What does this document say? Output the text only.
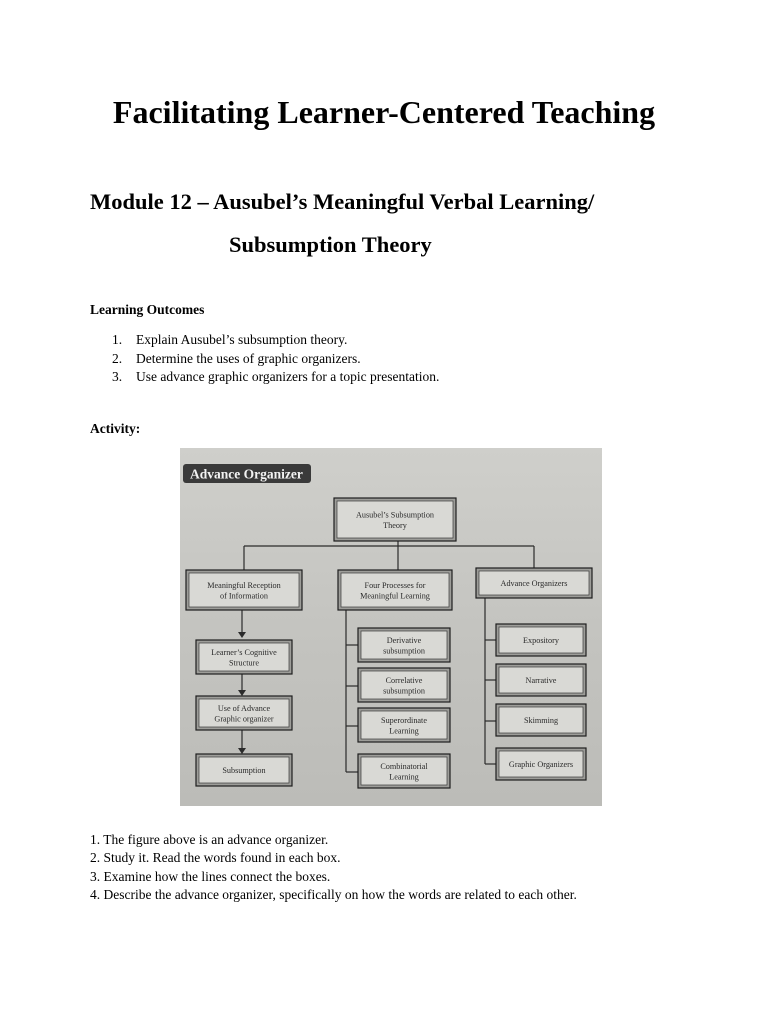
Facilitating Learner-Centered Teaching
Module 12 – Ausubel’s Meaningful Verbal Learning/
Subsumption Theory
Learning Outcomes
1. Explain Ausubel’s subsumption theory.
2. Determine the uses of graphic organizers.
3. Use advance graphic organizers for a topic presentation.
Activity:
Advance Organizer
Ausubel’s Subsumption
Theory
Meaningful Reception
of Information
Four Processes for
Meaningful Learning
Advance Organizers
Learner’s Cognitive
Structure
Use of Advance
Graphic organizer
Subsumption
Derivative
subsumption
Correlative
subsumption
Superordinate
Learning
Combinatorial
Learning
Expository
Narrative
Skimming
Graphic Organizers
1. The figure above is an advance organizer.
2. Study it. Read the words found in each box.
3. Examine how the lines connect the boxes.
4. Describe the advance organizer, specifically on how the words are related to each other.
